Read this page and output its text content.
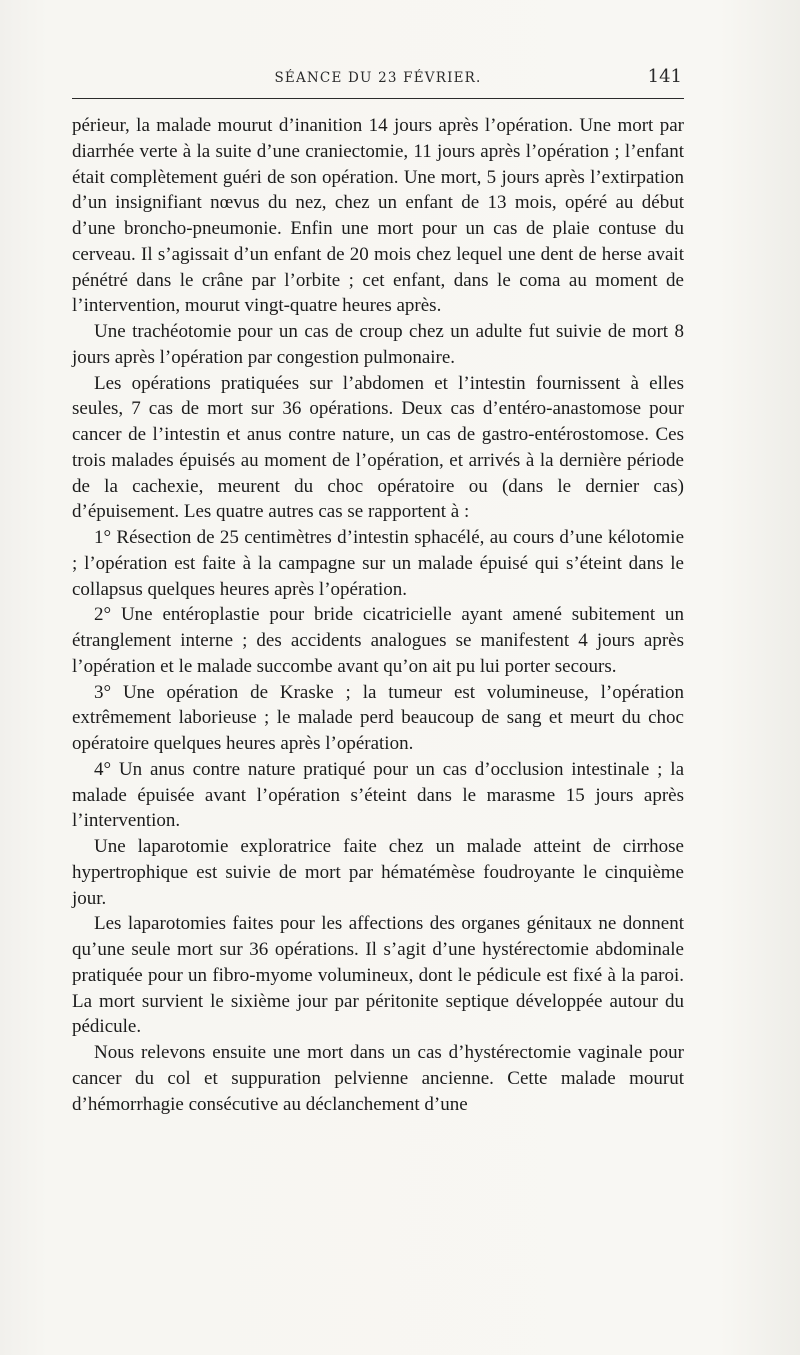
SÉANCE DU 23 FÉVRIER.	141

périeur, la malade mourut d’inanition 14 jours après l’opération. Une mort par diarrhée verte à la suite d’une craniectomie, 11 jours après l’opération ; l’enfant était complètement guéri de son opération. Une mort, 5 jours après l’extirpation d’un insignifiant nœvus du nez, chez un enfant de 13 mois, opéré au début d’une broncho-pneumonie. Enfin une mort pour un cas de plaie contuse du cerveau. Il s’agissait d’un enfant de 20 mois chez lequel une dent de herse avait pénétré dans le crâne par l’orbite ; cet enfant, dans le coma au moment de l’intervention, mourut vingt-quatre heures après.

Une trachéotomie pour un cas de croup chez un adulte fut suivie de mort 8 jours après l’opération par congestion pulmonaire.

Les opérations pratiquées sur l’abdomen et l’intestin fournissent à elles seules, 7 cas de mort sur 36 opérations. Deux cas d’entéro-anastomose pour cancer de l’intestin et anus contre nature, un cas de gastro-entérostomose. Ces trois malades épuisés au moment de l’opération, et arrivés à la dernière période de la cachexie, meurent du choc opératoire ou (dans le dernier cas) d’épuisement. Les quatre autres cas se rapportent à :

1° Résection de 25 centimètres d’intestin sphacélé, au cours d’une kélotomie ; l’opération est faite à la campagne sur un malade épuisé qui s’éteint dans le collapsus quelques heures après l’opération.

2° Une entéroplastie pour bride cicatricielle ayant amené subitement un étranglement interne ; des accidents analogues se manifestent 4 jours après l’opération et le malade succombe avant qu’on ait pu lui porter secours.

3° Une opération de Kraske ; la tumeur est volumineuse, l’opération extrêmement laborieuse ; le malade perd beaucoup de sang et meurt du choc opératoire quelques heures après l’opération.

4° Un anus contre nature pratiqué pour un cas d’occlusion intestinale ; la malade épuisée avant l’opération s’éteint dans le marasme 15 jours après l’intervention.

Une laparotomie exploratrice faite chez un malade atteint de cirrhose hypertrophique est suivie de mort par hématémèse foudroyante le cinquième jour.

Les laparotomies faites pour les affections des organes génitaux ne donnent qu’une seule mort sur 36 opérations. Il s’agit d’une hystérectomie abdominale pratiquée pour un fibro-myome volumineux, dont le pédicule est fixé à la paroi. La mort survient le sixième jour par péritonite septique développée autour du pédicule.

Nous relevons ensuite une mort dans un cas d’hystérectomie vaginale pour cancer du col et suppuration pelvienne ancienne. Cette malade mourut d’hémorrhagie consécutive au déclanchement d’une
